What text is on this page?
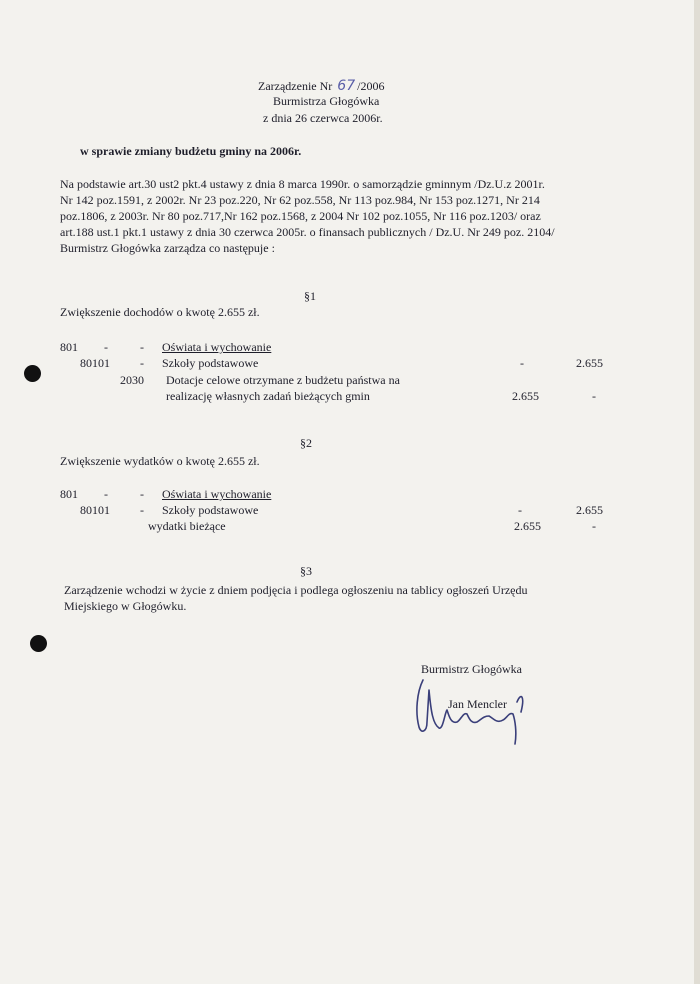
Zarządzenie Nr 67 /2006
Burmistrza Głogówka
z dnia 26 czerwca 2006r.
w sprawie zmiany budżetu gminy na 2006r.
Na podstawie art.30 ust2 pkt.4 ustawy z dnia 8 marca 1990r. o samorządzie gminnym /Dz.U.z 2001r.
Nr 142 poz.1591, z 2002r. Nr 23 poz.220, Nr 62 poz.558, Nr 113 poz.984, Nr 153 poz.1271, Nr 214
poz.1806, z 2003r. Nr 80 poz.717,Nr 162 poz.1568, z 2004 Nr 102 poz.1055, Nr 116 poz.1203/ oraz
art.188 ust.1 pkt.1 ustawy z dnia 30 czerwca 2005r. o finansach publicznych / Dz.U. Nr 249 poz. 2104/
Burmistrz Głogówka zarządza co następuje :
§1
Zwiększenie dochodów o kwotę 2.655 zł.
801 -	- Oświata i wychowanie
80101	- Szkoły podstawowe	-	2.655
2030 Dotacje celowe otrzymane z budżetu państwa na
realizację własnych zadań bieżących gmin	2.655	-
§2
Zwiększenie wydatków o kwotę 2.655 zł.
801 -	- Oświata i wychowanie
80101	- Szkoły podstawowe	-	2.655
wydatki bieżące	2.655	-
§3
Zarządzenie wchodzi w życie z dniem podjęcia i podlega ogłoszeniu na tablicy ogłoszeń Urzędu
Miejskiego w Głogówku.
Burmistrz Głogówka
Jan Mencler
